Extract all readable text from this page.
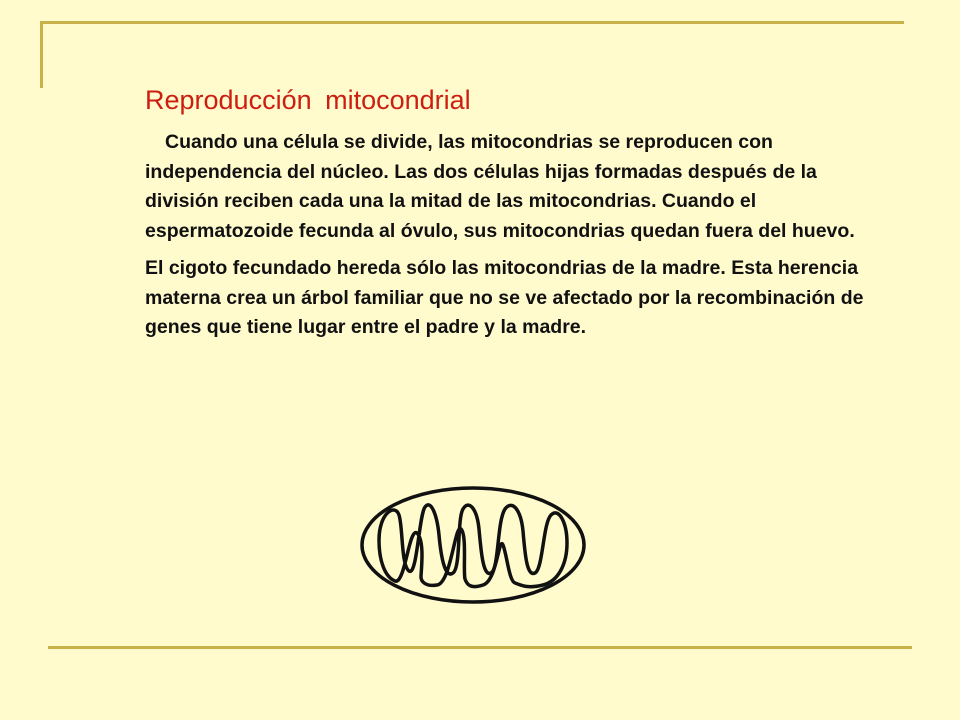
Reproducción mitocondrial

Cuando una célula se divide, las mitocondrias se reproducen con independencia del núcleo. Las dos células hijas formadas después de la división reciben cada una la mitad de las mitocondrias. Cuando el espermatozoide fecunda al óvulo, sus mitocondrias quedan fuera del huevo.

El cigoto fecundado hereda sólo las mitocondrias de la madre. Esta herencia materna crea un árbol familiar que no se ve afectado por la recombinación de genes que tiene lugar entre el padre y la madre.
